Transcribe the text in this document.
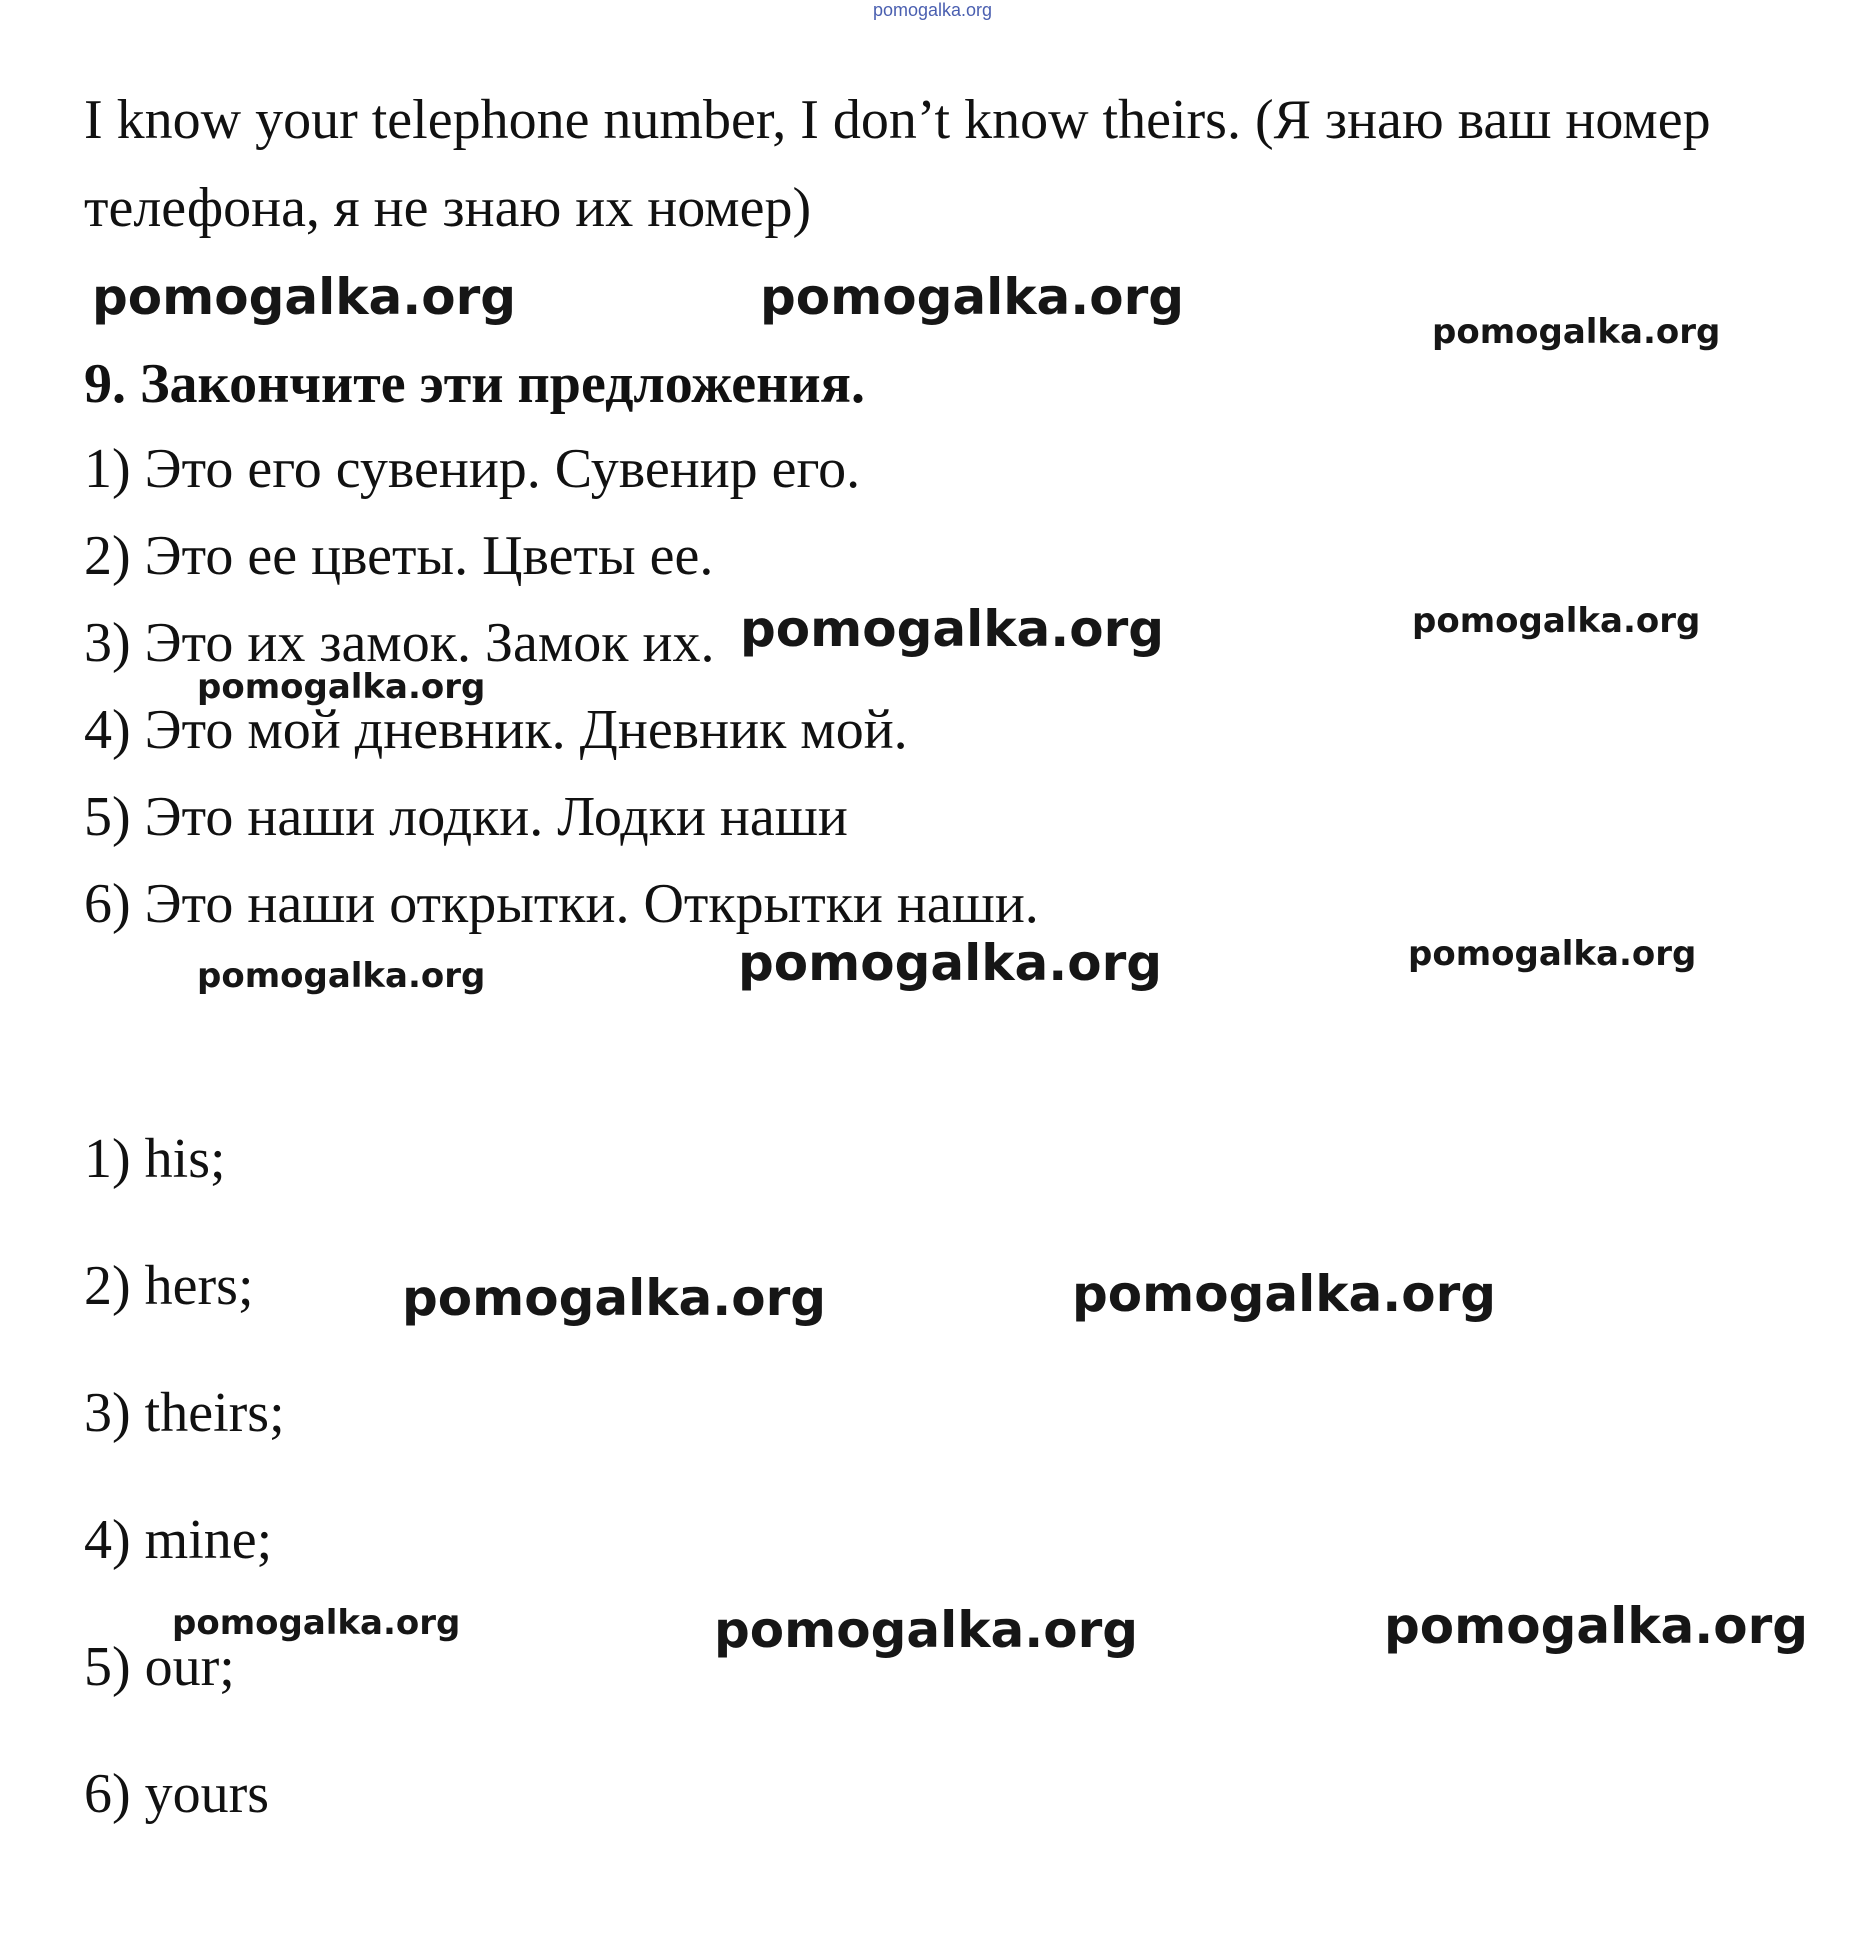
pomogalka.org
I know your telephone number, I don’t know theirs. (Я знаю ваш номер
телефона, я не знаю их номер)
pomogalka.org	pomogalka.org
pomogalka.org
9. Закончите эти предложения.
1) Это его сувенир. Сувенир его.
2) Это ее цветы. Цветы ее.
3) Это их замок. Замок их.
4) Это мой дневник. Дневник мой.
5) Это наши лодки. Лодки наши
6) Это наши открытки. Открытки наши.
pomogalka.org	pomogalka.org
pomogalka.org
pomogalka.org	pomogalka.org	pomogalka.org
1) his;
2) hers;
3) theirs;
4) mine;
5) our;
6) yours
pomogalka.org	pomogalka.org
pomogalka.org	pomogalka.org	pomogalka.org
